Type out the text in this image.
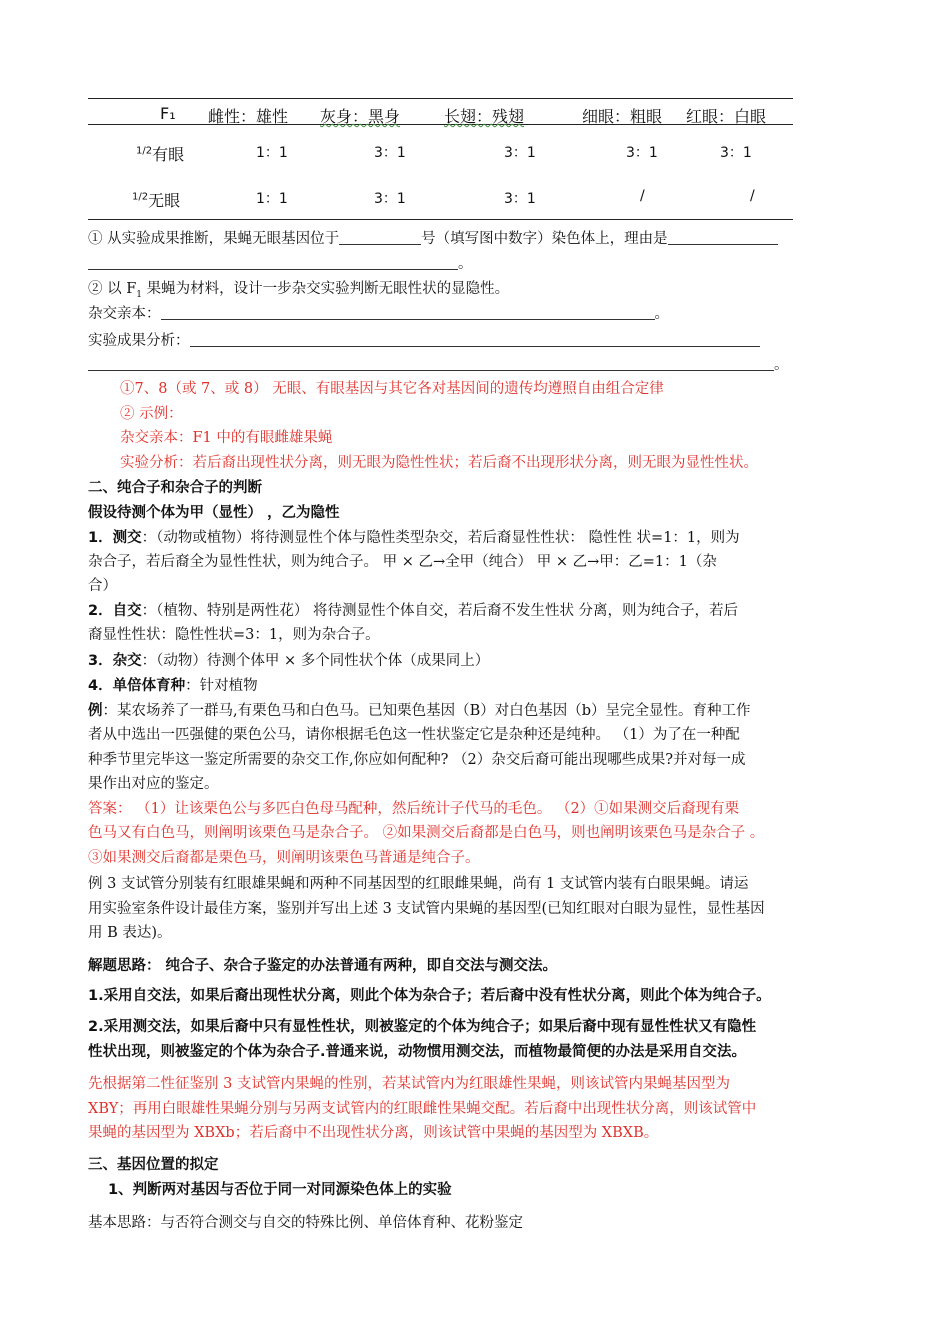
F₁ 雌性：雄性 灰身：黑身	长翅：残翅	细眼：粗眼 红眼：白眼
$^{1/2}$有眼	1：1	3：1	3：1	3：1	3：1
$^{1/2}$无眼	1：1	3：1	3：1	/	/
① 从实验成果推断，果蝇无眼基因位于	号（填写图中数字）染色体上，理由是
。
② 以 $F_1$ 果蝇为材料，设计一步杂交实验判断无眼性状的显隐性。
杂交亲本：	。
实验成果分析：
。
①7、8（或 7、或 8） 无眼、有眼基因与其它各对基因间的遗传均遵照自由组合定律
② 示例：
杂交亲本：F1 中的有眼雌雄果蝇
实验分析：若后裔出现性状分离，则无眼为隐性性状；若后裔不出现形状分离，则无眼为显性性状。
二、纯合子和杂合子的判断
假设待测个体为甲（显性） ，乙为隐性
1．测交：（动物或植物）将待测显性个体与隐性类型杂交，若后裔显性性状： 隐性性 状=1：1，则为
杂合子，若后裔全为显性性状，则为纯合子。 甲 × 乙→全甲（纯合） 甲 × 乙→甲：乙=1：1（杂
合）
2．自交：（植物、特别是两性花） 将待测显性个体自交，若后裔不发生性状 分离，则为纯合子，若后
裔显性性状：隐性性状=3：1，则为杂合子。
3．杂交：（动物）待测个体甲 × 多个同性状个体（成果同上）
4．单倍体育种：针对植物
例：某农场养了一群马,有栗色马和白色马。已知栗色基因（B）对白色基因（b）呈完全显性。育种工作
者从中选出一匹强健的栗色公马，请你根据毛色这一性状鉴定它是杂种还是纯种。 （1）为了在一种配
种季节里完毕这一鉴定所需要的杂交工作,你应如何配种? （2）杂交后裔可能出现哪些成果?并对每一成
果作出对应的鉴定。
答案： （1）让该栗色公与多匹白色母马配种，然后统计子代马的毛色。 （2）①如果测交后裔现有栗
色马又有白色马，则阐明该栗色马是杂合子。 ②如果测交后裔都是白色马，则也阐明该栗色马是杂合子 。
③如果测交后裔都是栗色马，则阐明该栗色马普通是纯合子。
例 3 支试管分别装有红眼雄果蝇和两种不同基因型的红眼雌果蝇，尚有 1 支试管内装有白眼果蝇。请运
用实验室条件设计最佳方案，鉴别并写出上述 3 支试管内果蝇的基因型(已知红眼对白眼为显性，显性基因
用 B 表达)。
解题思路： 纯合子、杂合子鉴定的办法普通有两种，即自交法与测交法。
1.采用自交法，如果后裔出现性状分离，则此个体为杂合子；若后裔中没有性状分离，则此个体为纯合子。
2.采用测交法，如果后裔中只有显性性状，则被鉴定的个体为纯合子；如果后裔中现有显性性状又有隐性
性状出现，则被鉴定的个体为杂合子.普通来说，动物惯用测交法，而植物最简便的办法是采用自交法。
先根据第二性征鉴别 3 支试管内果蝇的性别，若某试管内为红眼雄性果蝇，则该试管内果蝇基因型为
XBY；再用白眼雄性果蝇分别与另两支试管内的红眼雌性果蝇交配。若后裔中出现性状分离，则该试管中
果蝇的基因型为 XBXb；若后裔中不出现性状分离，则该试管中果蝇的基因型为 XBXB。
三、基因位置的拟定
1、判断两对基因与否位于同一对同源染色体上的实验
基本思路：与否符合测交与自交的特殊比例、单倍体育种、花粉鉴定
